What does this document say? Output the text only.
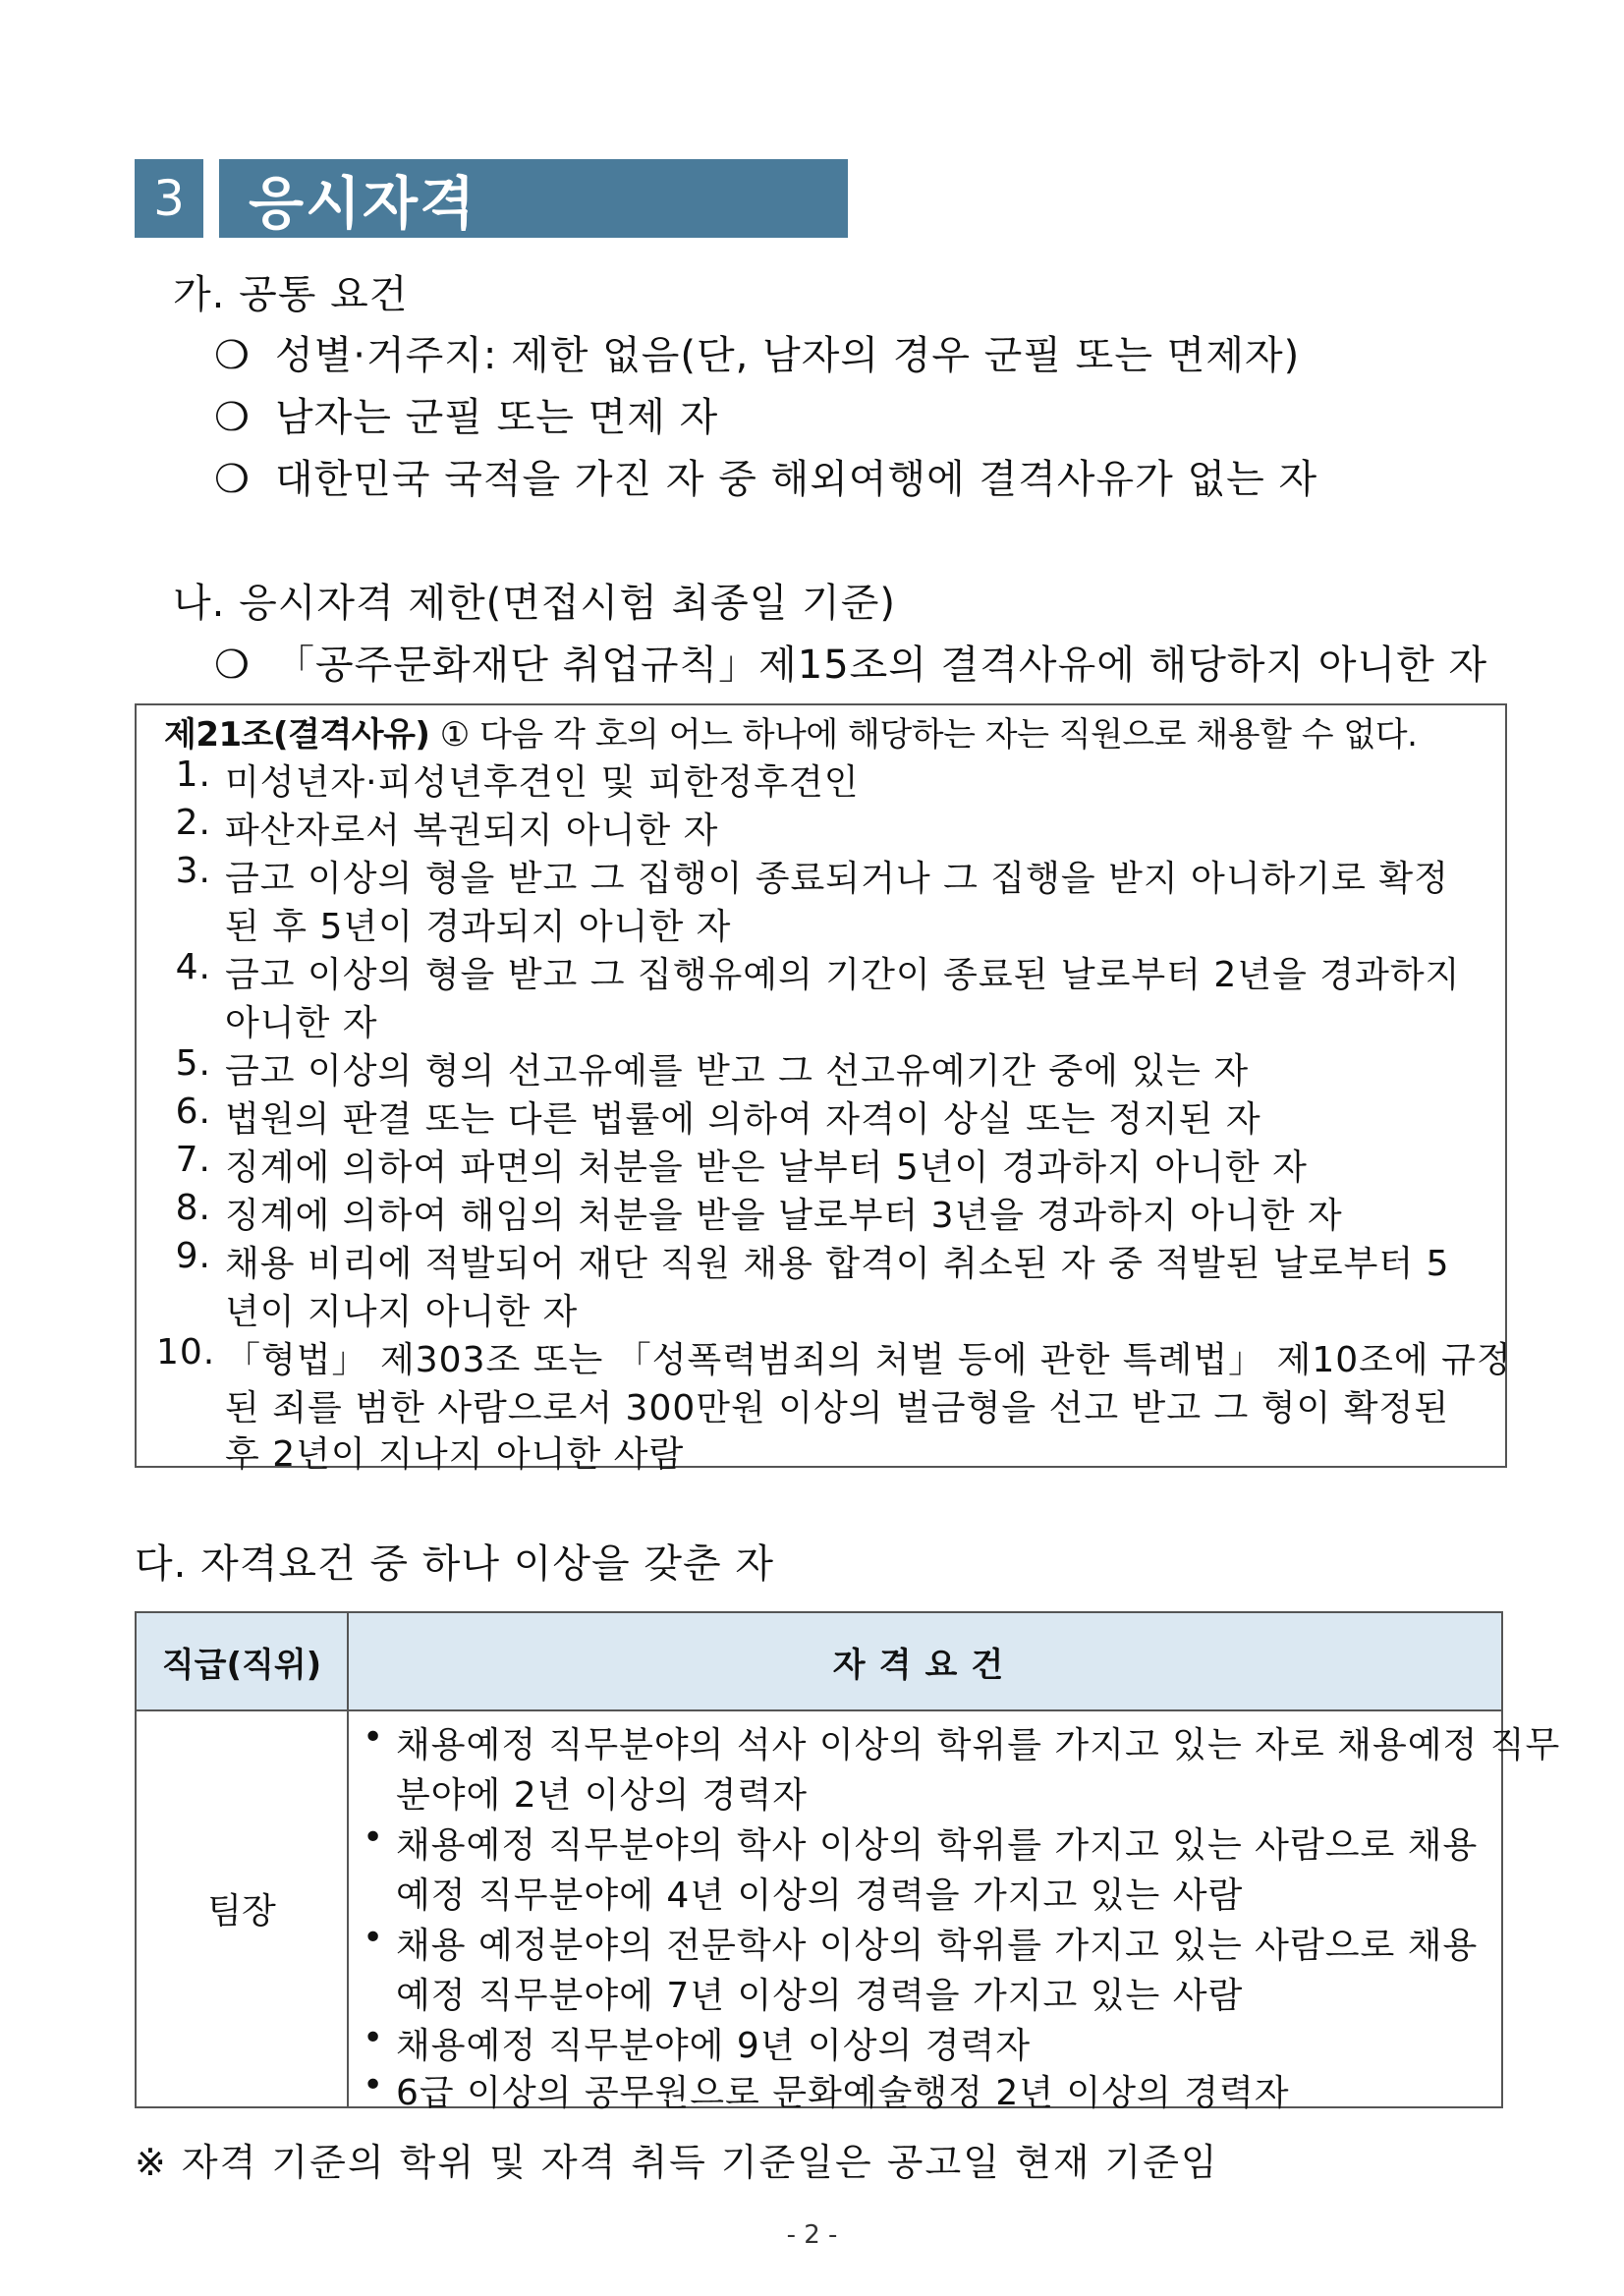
3	응시자격
가. 공통 요건
❍ 성별·거주지: 제한 없음(단, 남자의 경우 군필 또는 면제자)
❍ 남자는 군필 또는 면제 자
❍ 대한민국 국적을 가진 자 중 해외여행에 결격사유가 없는 자
나. 응시자격 제한(면접시험 최종일 기준)
❍ 「공주문화재단 취업규칙」제15조의 결격사유에 해당하지 아니한 자
제21조(결격사유) ① 다음 각 호의 어느 하나에 해당하는 자는 직원으로 채용할 수 없다.
1. 미성년자·피성년후견인 및 피한정후견인
2. 파산자로서 복권되지 아니한 자
3. 금고 이상의 형을 받고 그 집행이 종료되거나 그 집행을 받지 아니하기로 확정
된 후 5년이 경과되지 아니한 자
4. 금고 이상의 형을 받고 그 집행유예의 기간이 종료된 날로부터 2년을 경과하지
아니한 자
5. 금고 이상의 형의 선고유예를 받고 그 선고유예기간 중에 있는 자
6. 법원의 판결 또는 다른 법률에 의하여 자격이 상실 또는 정지된 자
7. 징계에 의하여 파면의 처분을 받은 날부터 5년이 경과하지 아니한 자
8. 징계에 의하여 해임의 처분을 받을 날로부터 3년을 경과하지 아니한 자
9. 채용 비리에 적발되어 재단 직원 채용 합격이 취소된 자 중 적발된 날로부터 5
년이 지나지 아니한 자
10. 「형법」 제303조 또는 「성폭력범죄의 처벌 등에 관한 특례법」 제10조에 규정
된 죄를 범한 사람으로서 300만원 이상의 벌금형을 선고 받고 그 형이 확정된
후 2년이 지나지 아니한 사람
다. 자격요건 중 하나 이상을 갖춘 자
직급(직위)	자격요건
팀장
• 채용예정 직무분야의 석사 이상의 학위를 가지고 있는 자로 채용예정 직무
분야에 2년 이상의 경력자
• 채용예정 직무분야의 학사 이상의 학위를 가지고 있는 사람으로 채용
예정 직무분야에 4년 이상의 경력을 가지고 있는 사람
• 채용 예정분야의 전문학사 이상의 학위를 가지고 있는 사람으로 채용
예정 직무분야에 7년 이상의 경력을 가지고 있는 사람
• 채용예정 직무분야에 9년 이상의 경력자
• 6급 이상의 공무원으로 문화예술행정 2년 이상의 경력자
※ 자격 기준의 학위 및 자격 취득 기준일은 공고일 현재 기준임
- 2 -
